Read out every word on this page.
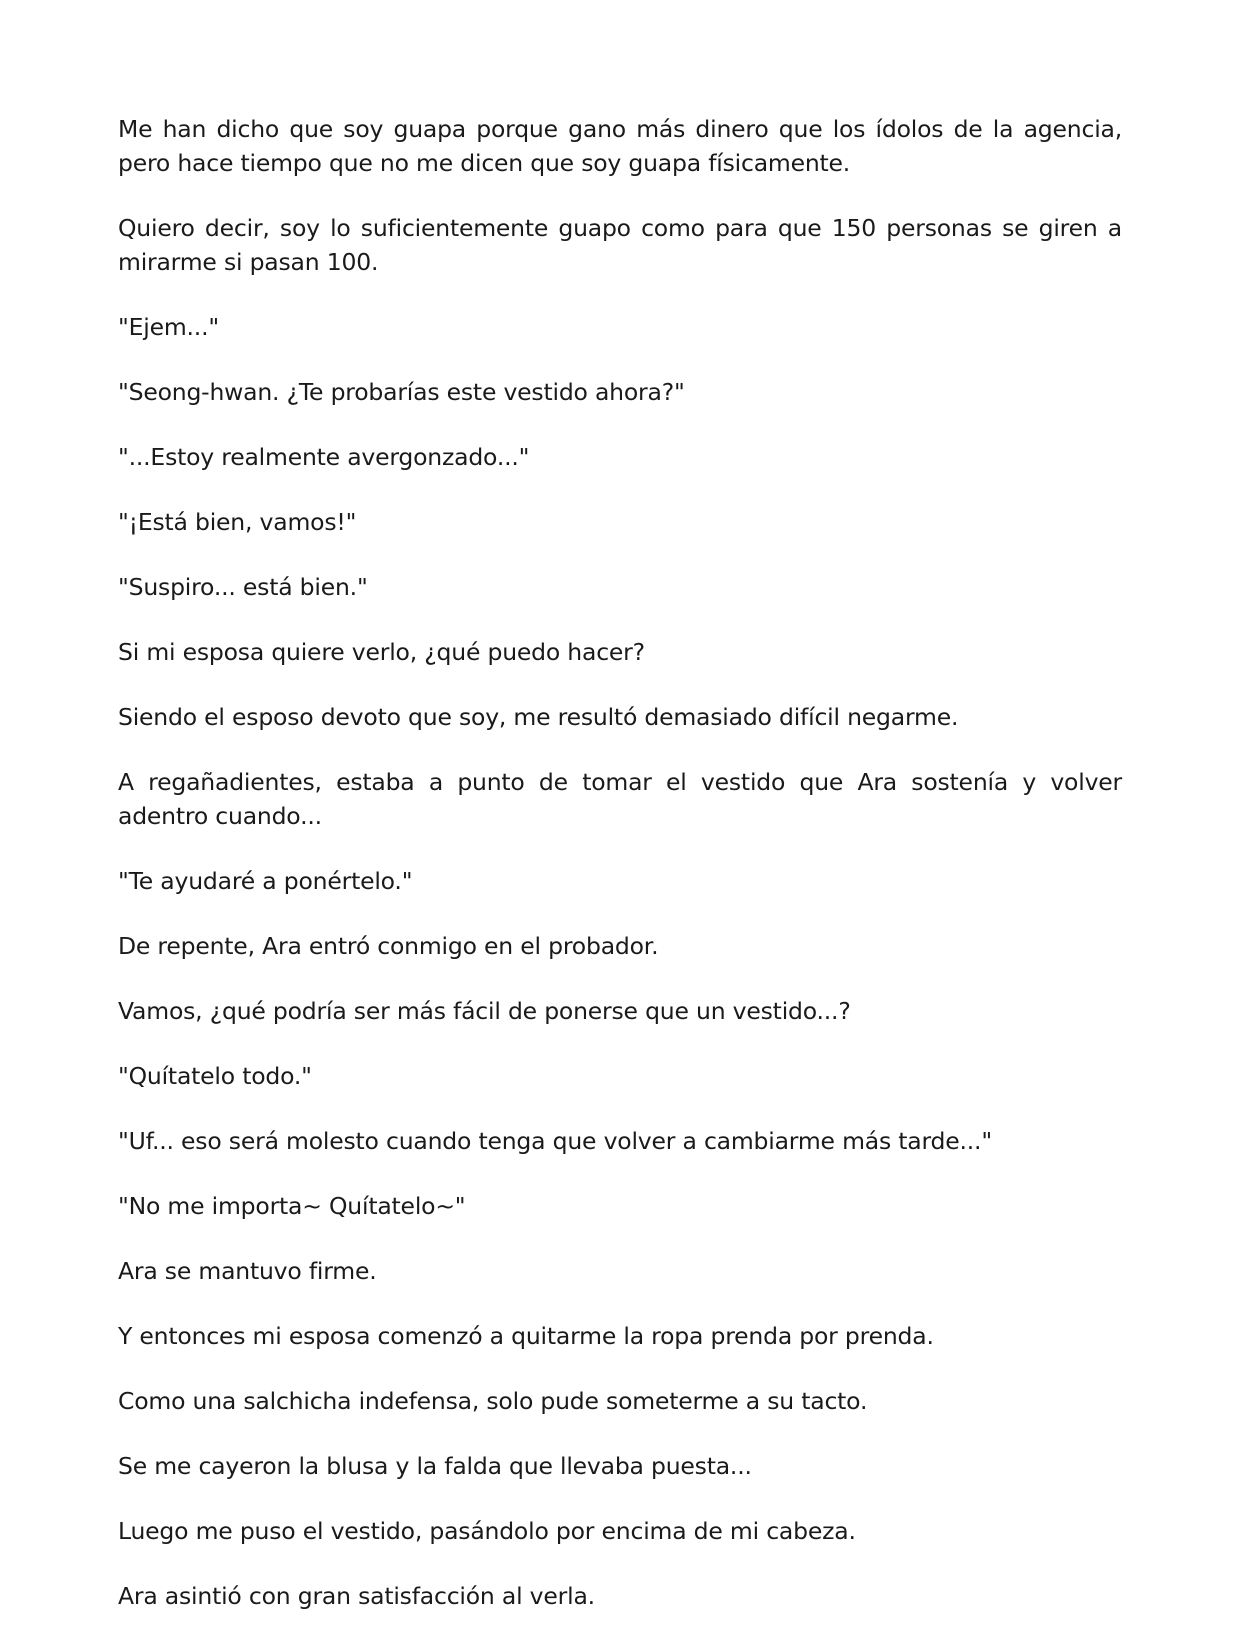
Me han dicho que soy guapa porque gano más dinero que los ídolos de la agencia, pero hace tiempo que no me dicen que soy guapa físicamente.

Quiero decir, soy lo suficientemente guapo como para que 150 personas se giren a mirarme si pasan 100.

"Ejem..."

"Seong-hwan. ¿Te probarías este vestido ahora?"

"...Estoy realmente avergonzado..."

"¡Está bien, vamos!"

"Suspiro... está bien."

Si mi esposa quiere verlo, ¿qué puedo hacer?

Siendo el esposo devoto que soy, me resultó demasiado difícil negarme.

A regañadientes, estaba a punto de tomar el vestido que Ara sostenía y volver adentro cuando...

"Te ayudaré a ponértelo."

De repente, Ara entró conmigo en el probador.

Vamos, ¿qué podría ser más fácil de ponerse que un vestido...?

"Quítatelo todo."

"Uf... eso será molesto cuando tenga que volver a cambiarme más tarde..."

"No me importa~ Quítatelo~"

Ara se mantuvo firme.

Y entonces mi esposa comenzó a quitarme la ropa prenda por prenda.

Como una salchicha indefensa, solo pude someterme a su tacto.

Se me cayeron la blusa y la falda que llevaba puesta...

Luego me puso el vestido, pasándolo por encima de mi cabeza.

Ara asintió con gran satisfacción al verla.
